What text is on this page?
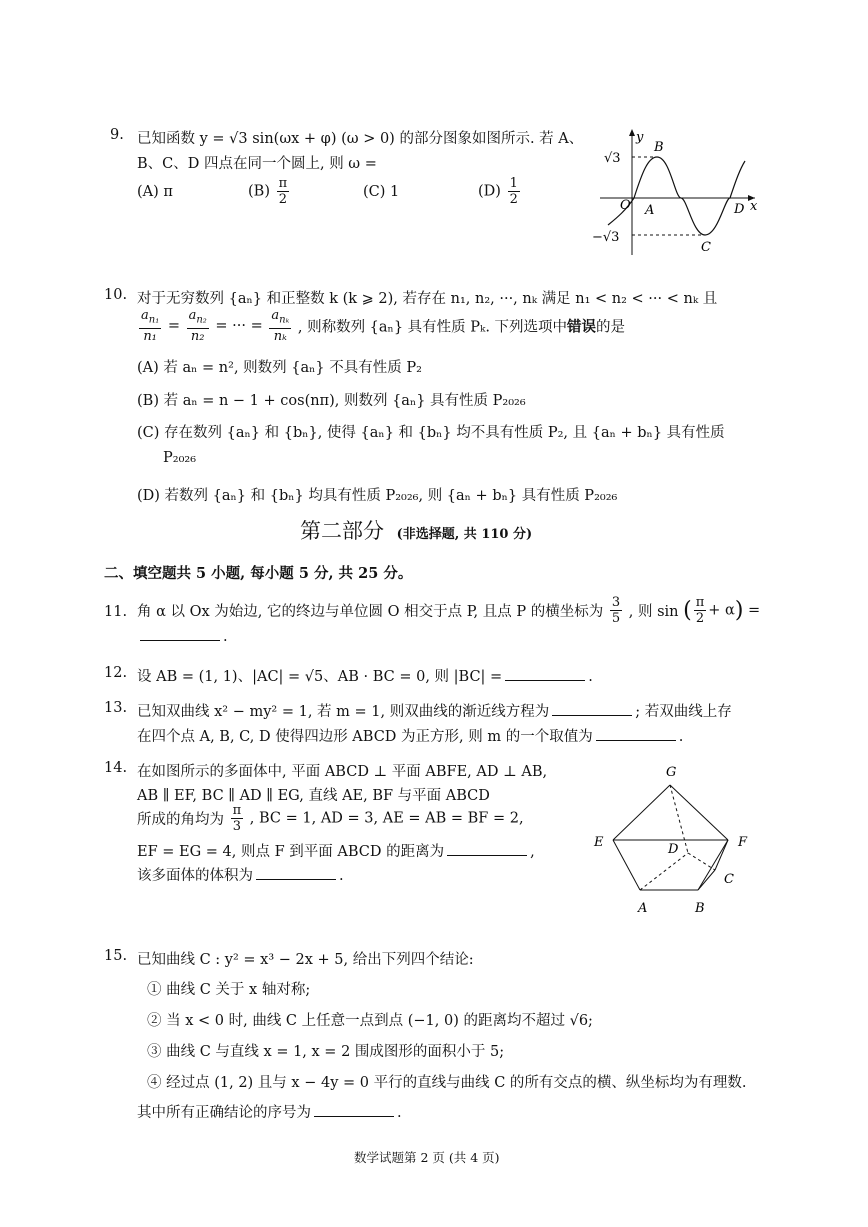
9. 已知函数 y = √3 sin(ωx + φ) (ω > 0) 的部分图象如图所示. 若 A、
B、C、D 四点在同一个圆上, 则 ω =
(A) π	$(B) \frac{\pi}{2}$	(C) 1	$(D) \frac{1}{2}$
y
x
√3
−√3
B
O A	D
C
10. 对于无穷数列 {aₙ} 和正整数 k (k ⩾ 2), 若存在 n₁, n₂, ···, nₖ 满足 n₁ < n₂ < ··· < nₖ 且
$\frac{a_{n_1}}{\text{n₁}} = \frac{a_{n_2}}{\text{n₂}}$ = ··· = $\frac{a_{n_k}}{\text{nₖ}}$ , 则称数列 {aₙ} 具有性质 Pₖ. 下列选项中错误的是
(A) 若 aₙ = n², 则数列 {aₙ} 不具有性质 P₂
(B) 若 aₙ = n − 1 + cos(nπ), 则数列 {aₙ} 具有性质 P₂₀₂₆
(C) 存在数列 {aₙ} 和 {bₙ}, 使得 {aₙ} 和 {bₙ} 均不具有性质 P₂, 且 {aₙ + bₙ} 具有性质
P₂₀₂₆
(D) 若数列 {aₙ} 和 {bₙ} 均具有性质 P₂₀₂₆, 则 {aₙ + bₙ} 具有性质 P₂₀₂₆
第二部分 (非选择题, 共 110 分)
二、填空题共 5 小题, 每小题 5 分, 共 25 分。
11. 角 α 以 Ox 为始边, 它的终边与单位圆 O 相交于点 P, 且点 P 的横坐标为 $\frac{3}{5}$ , 则 sin ( $\frac{\pi}{2} + \alpha$) =
.
12. 设 AB = (1, 1)、|AC| = √5、AB · BC = 0, 则 |BC| =	.
13. 已知双曲线 x² − my² = 1, 若 m = 1, 则双曲线的渐近线方程为	; 若双曲线上存
在四个点 A, B, C, D 使得四边形 ABCD 为正方形, 则 m 的一个取值为	.
14. 在如图所示的多面体中, 平面 ABCD ⊥ 平面 ABFE, AD ⊥ AB,
AB ∥ EF, BC ∥ AD ∥ EG, 直线 AE, BF 与平面 ABCD
所成的角均为 $\frac{\pi}{3}$ , BC = 1, AD = 3, AE = AB = BF = 2,
EF = EG = 4, 则点 F 到平面 ABCD 的距离为	,
该多面体的体积为	.
G
E	D	F
C
A	B
15. 已知曲线 C : y² = x³ − 2x + 5, 给出下列四个结论:
① 曲线 C 关于 x 轴对称;
② 当 x < 0 时, 曲线 C 上任意一点到点 (−1, 0) 的距离均不超过 √6;
③ 曲线 C 与直线 x = 1, x = 2 围成图形的面积小于 5;
④ 经过点 (1, 2) 且与 x − 4y = 0 平行的直线与曲线 C 的所有交点的横、纵坐标均为有理数.
其中所有正确结论的序号为	.
数学试题第 2 页 (共 4 页)
